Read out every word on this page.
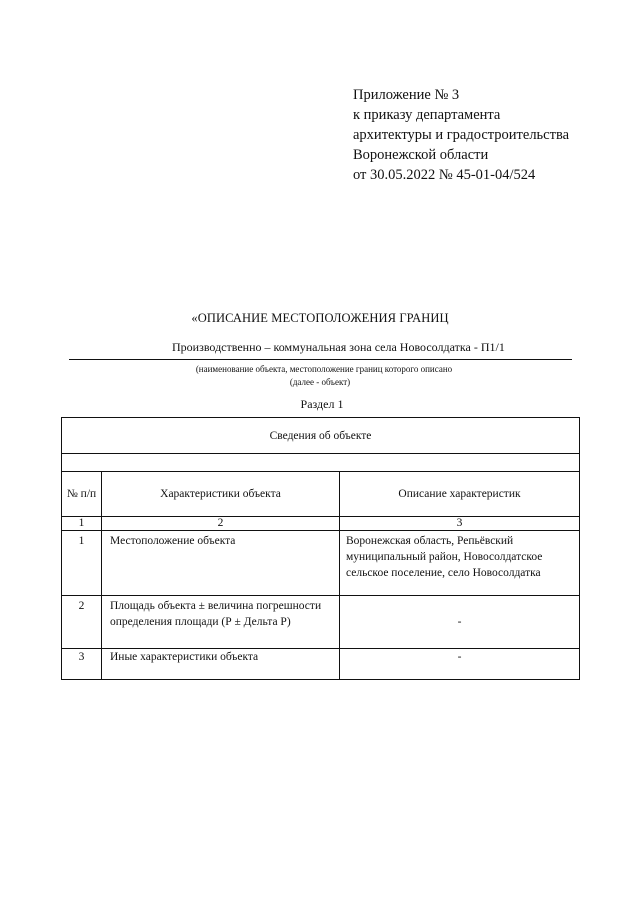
Приложение № 3
к приказу департамента
архитектуры и градостроительства
Воронежской области
от 30.05.2022 № 45-01-04/524
«ОПИСАНИЕ МЕСТОПОЛОЖЕНИЯ ГРАНИЦ
Производственно – коммунальная зона села Новосолдатка - П1/1
(наименование объекта, местоположение границ которого описано
(далее - объект)
Раздел 1
Сведения об объекте		

№ п/п	Характеристики объекта	Описание характеристик
1	2	3
1	Местоположение объекта	Воронежская область, Репьёвский муниципальный район, Новосолдатское сельское поселение, село Новосолдатка
2	Площадь объекта ± величина погрешности определения площади (Р ± Дельта Р)	-
3	Иные характеристики объекта	-
